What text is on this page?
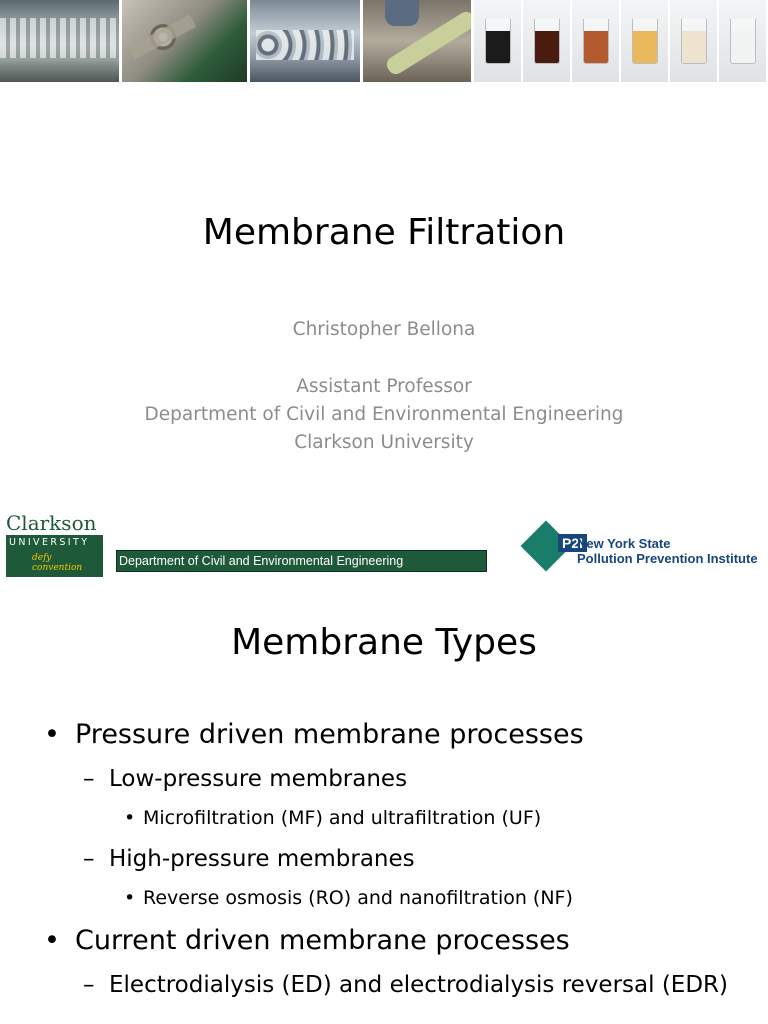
Membrane Filtration
Christopher Bellona
Assistant Professor
Department of Civil and Environmental Engineering
Clarkson University
Clarkson
UNIVERSITY
defy convention	Department of Civil and Environmental Engineering
P2I
New York State
Pollution Prevention Institute
Membrane Types
• Pressure driven membrane processes
– Low-pressure membranes
• Microfiltration (MF) and ultrafiltration (UF)
– High-pressure membranes
• Reverse osmosis (RO) and nanofiltration (NF)
• Current driven membrane processes
– Electrodialysis (ED) and electrodialysis reversal (EDR)
